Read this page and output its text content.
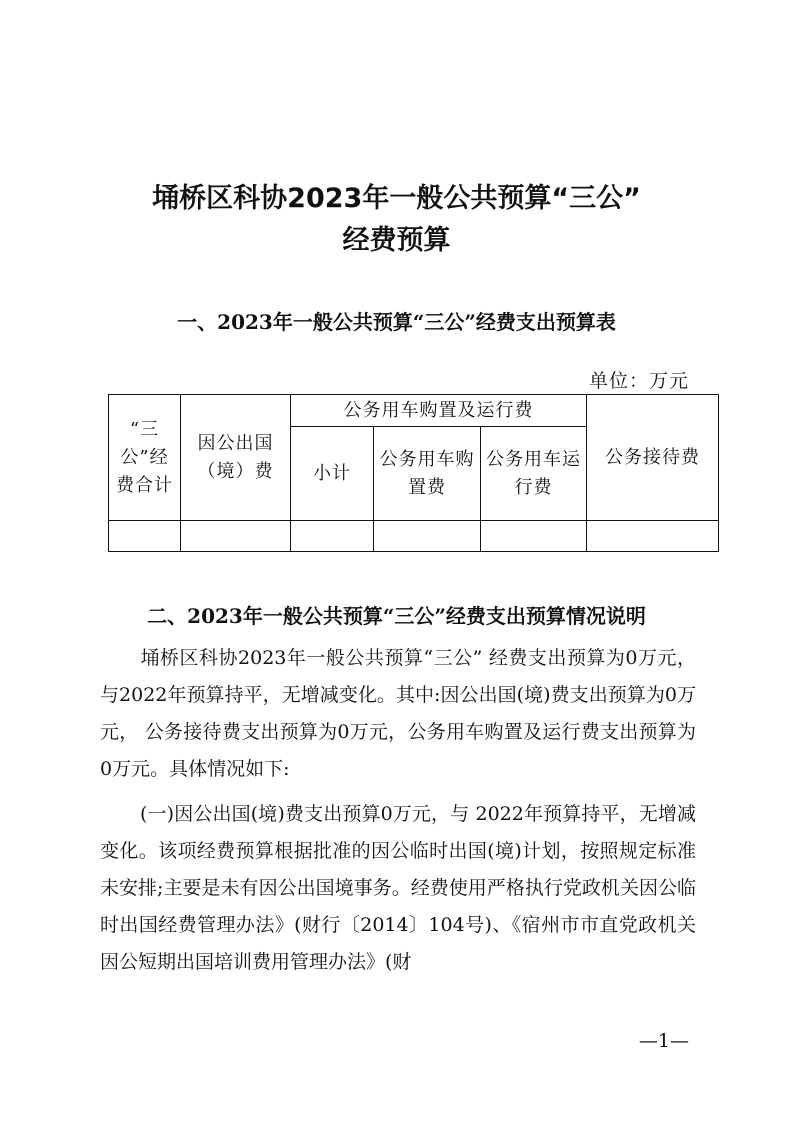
埇桥区科协2023年一般公共预算“三公”
经费预算
一、2023年一般公共预算“三公”经费支出预算表
单位：万元
“三公”经费合计	因公出国（境）费	公务用车购置及运行费			公务接待费
		小计	公务用车购置费	公务用车运行费	

二、2023年一般公共预算“三公”经费支出预算情况说明
埇桥区科协2023年一般公共预算“三公” 经费支出预算为0万元，与2022年预算持平，无增减变化。其中:因公出国(境)费支出预算为0万元， 公务接待费支出预算为0万元，公务用车购置及运行费支出预算为0万元。具体情况如下:
(一)因公出国(境)费支出预算0万元，与 2022年预算持平，无增减变化。该项经费预算根据批准的因公临时出国(境)计划，按照规定标准未安排;主要是未有因公出国境事务。经费使用严格执行党政机关因公临时出国经费管理办法》(财行〔2014〕104号)、《宿州市市直党政机关因公短期出国培训费用管理办法》(财
—1—
